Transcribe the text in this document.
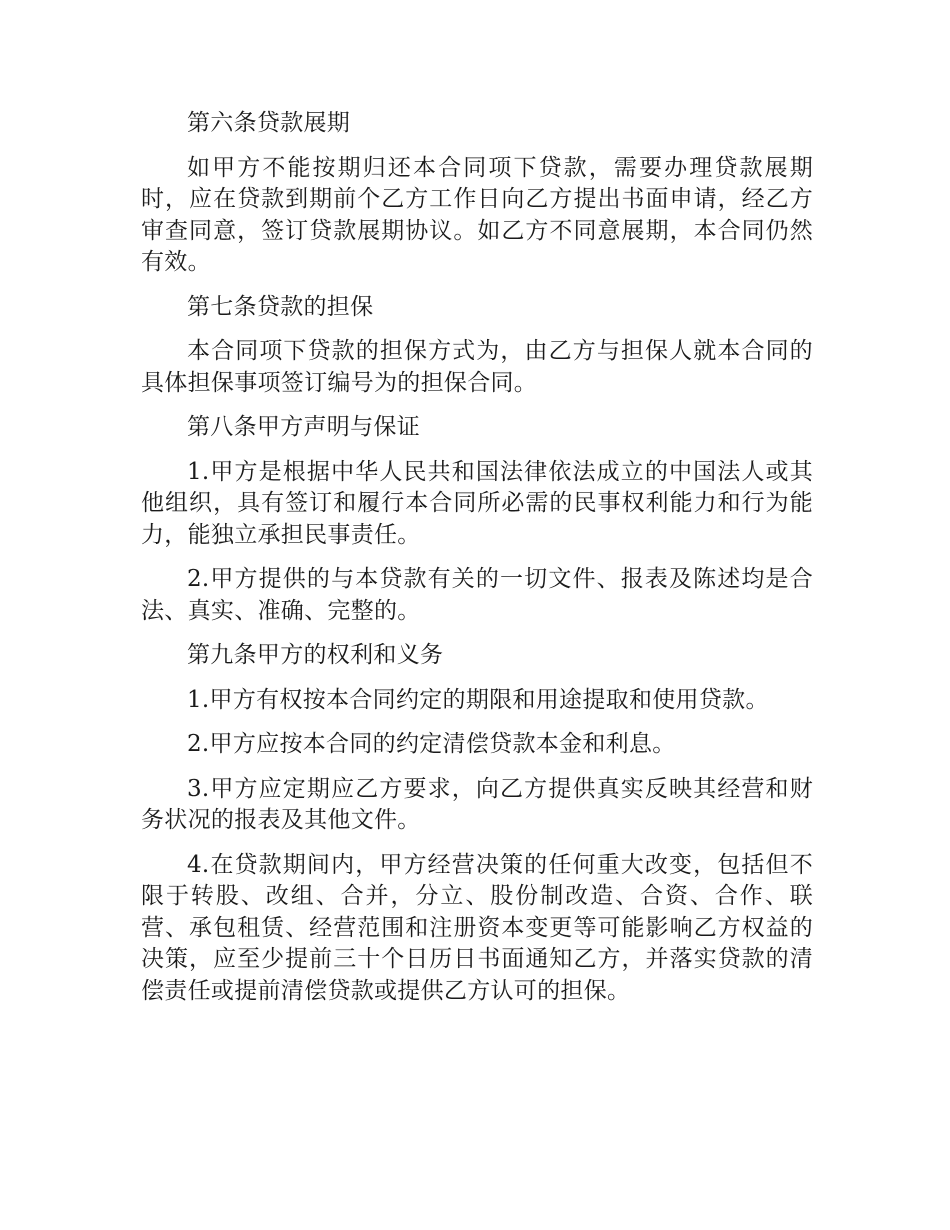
第六条贷款展期

如甲方不能按期归还本合同项下贷款，需要办理贷款展期时，应在贷款到期前个乙方工作日向乙方提出书面申请，经乙方审查同意，签订贷款展期协议。如乙方不同意展期，本合同仍然有效。

第七条贷款的担保

本合同项下贷款的担保方式为，由乙方与担保人就本合同的具体担保事项签订编号为的担保合同。

第八条甲方声明与保证

1.甲方是根据中华人民共和国法律依法成立的中国法人或其他组织，具有签订和履行本合同所必需的民事权利能力和行为能力，能独立承担民事责任。

2.甲方提供的与本贷款有关的一切文件、报表及陈述均是合法、真实、准确、完整的。

第九条甲方的权利和义务

1.甲方有权按本合同约定的期限和用途提取和使用贷款。

2.甲方应按本合同的约定清偿贷款本金和利息。

3.甲方应定期应乙方要求，向乙方提供真实反映其经营和财务状况的报表及其他文件。

4.在贷款期间内，甲方经营决策的任何重大改变，包括但不限于转股、改组、合并，分立、股份制改造、合资、合作、联营、承包租赁、经营范围和注册资本变更等可能影响乙方权益的决策，应至少提前三十个日历日书面通知乙方，并落实贷款的清偿责任或提前清偿贷款或提供乙方认可的担保。
